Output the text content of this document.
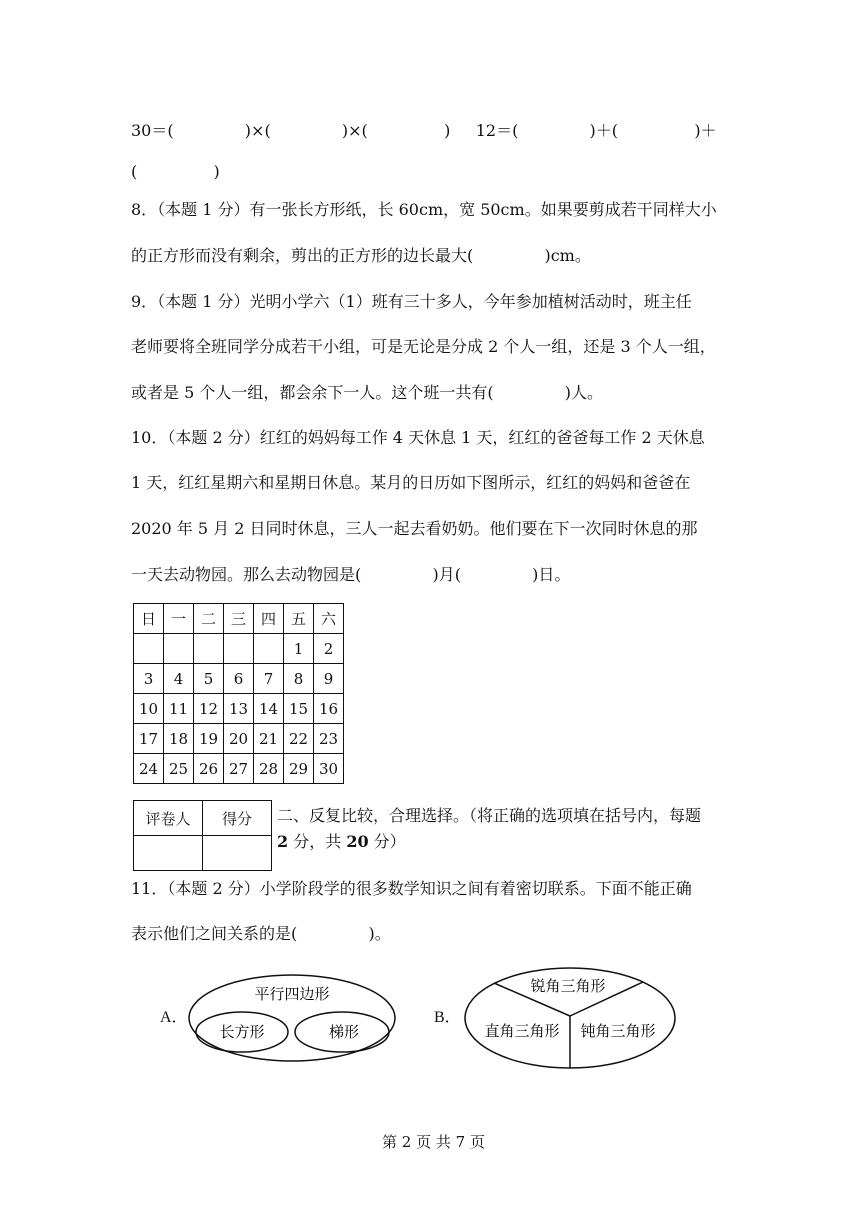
30＝(              )×(              )×(               )     12＝(              )＋(               )＋
(               )
8．（本题 1 分）有一张长方形纸，长 60cm，宽 50cm。如果要剪成若干同样大小
的正方形而没有剩余，剪出的正方形的边长最大(              )cm。
9．（本题 1 分）光明小学六（1）班有三十多人，今年参加植树活动时，班主任
老师要将全班同学分成若干小组，可是无论是分成 2 个人一组，还是 3 个人一组，
或者是 5 个人一组，都会余下一人。这个班一共有(              )人。
10．（本题 2 分）红红的妈妈每工作 4 天休息 1 天，红红的爸爸每工作 2 天休息
1 天，红红星期六和星期日休息。某月的日历如下图所示，红红的妈妈和爸爸在
2020 年 5 月 2 日同时休息，三人一起去看奶奶。他们要在下一次同时休息的那
一天去动物园。那么去动物园是(              )月(              )日。
日	一	二	三	四	五	六
					1	2
3	4	5	6	7	8	9
10	11	12	13	14	15	16
17	18	19	20	21	22	23
24	25	26	27	28	29	30
评卷人	得分
	二、反复比较，合理选择。（将正确的选项填在括号内，每题
2 分，共 20 分）
11．（本题 2 分）小学阶段学的很多数学知识之间有着密切联系。下面不能正确
表示他们之间关系的是(              )。
A．
平行四边形
长方形	梯形
B．
锐角三角形
直角三角形 钝角三角形
第 2 页 共 7 页
